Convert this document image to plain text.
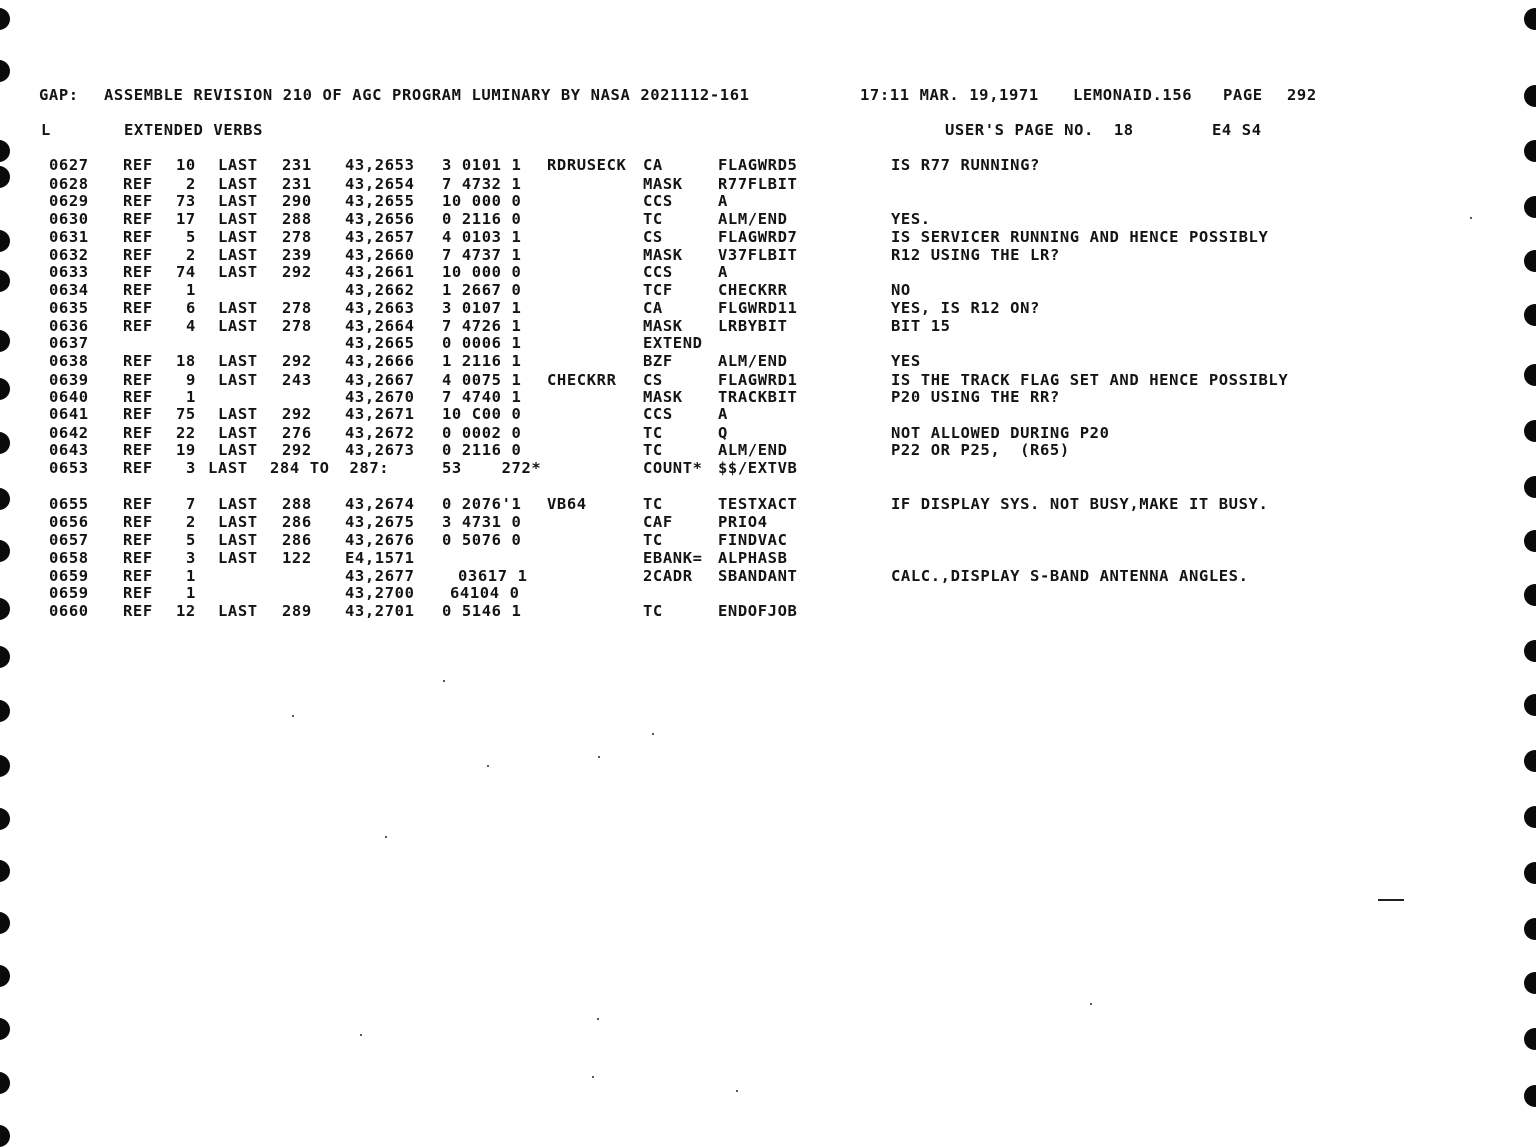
GAP:

ASSEMBLE REVISION 210 OF AGC PROGRAM LUMINARY BY NASA 2021112-161

	17:11 MAR. 19,1971

LEMONAID.156

PAGE

292

L

	EXTENDED VERBS

	USER'S PAGE NO.  18

	E4 S4

0627 REF 10 LAST 231 43,2653 3 0101 1 RDRUSECK CA	FLAGWRD5	IS R77 RUNNING?
0628 REF 2 LAST 231 43,2654 7 4732 1	MASK R77FLBIT
0629 REF 73 LAST 290 43,2655 10 000 0	CCS	A
0630 REF 17 LAST 288 43,2656 0 2116 0	TC	ALM/END	YES.
0631 REF 5 LAST 278 43,2657 4 0103 1	CS	FLAGWRD7	IS SERVICER RUNNING AND HENCE POSSIBLY
0632 REF 2 LAST 239 43,2660 7 4737 1	MASK V37FLBIT	R12 USING THE LR?
0633 REF 74 LAST 292 43,2661 10 000 0	CCS	A
0634 REF 1	43,2662 1 2667 0	TCF	CHECKRR	NO
0635 REF 6 LAST 278 43,2663 3 0107 1	CA	FLGWRD11	YES, IS R12 ON?
0636 REF 4 LAST 278 43,2664 7 4726 1	MASK LRBYBIT	BIT 15
0637	43,2665 0 0006 1	EXTEND
0638 REF 18 LAST 292 43,2666 1 2116 1	BZF	ALM/END	YES
0639 REF 9 LAST 243 43,2667 4 0075 1 CHECKRR CS	FLAGWRD1	IS THE TRACK FLAG SET AND HENCE POSSIBLY
0640 REF 1	43,2670 7 4740 1	MASK TRACKBIT	P20 USING THE RR?
0641 REF 75 LAST 292 43,2671 10 C00 0	CCS	A
0642 REF 22 LAST 276 43,2672 0 0002 0	TC	Q	NOT ALLOWED DURING P20
0643 REF 19 LAST 292 43,2673 0 2116 0	TC	ALM/END	P22 OR P25,  (R65)
0653 REF 3 LAST 284 TO  287:	53    272*	COUNT* $$/EXTVB
0655 REF 7 LAST 288 43,2674 0 2076'1 VB64	TC	TESTXACT	IF DISPLAY SYS. NOT BUSY,MAKE IT BUSY.
0656 REF 2 LAST 286 43,2675 3 4731 0	CAF	PRIO4
0657 REF 5 LAST 286 43,2676 0 5076 0	TC	FINDVAC
0658 REF 3 LAST 122 E4,1571	EBANK= ALPHASB
0659 REF 1	43,2677	03617 1	2CADR SBANDANT	CALC.,DISPLAY S-BAND ANTENNA ANGLES.
0659 REF 1	43,2700 64104 0
0660 REF 12 LAST 289 43,2701 0 5146 1	TC	ENDOFJOB
